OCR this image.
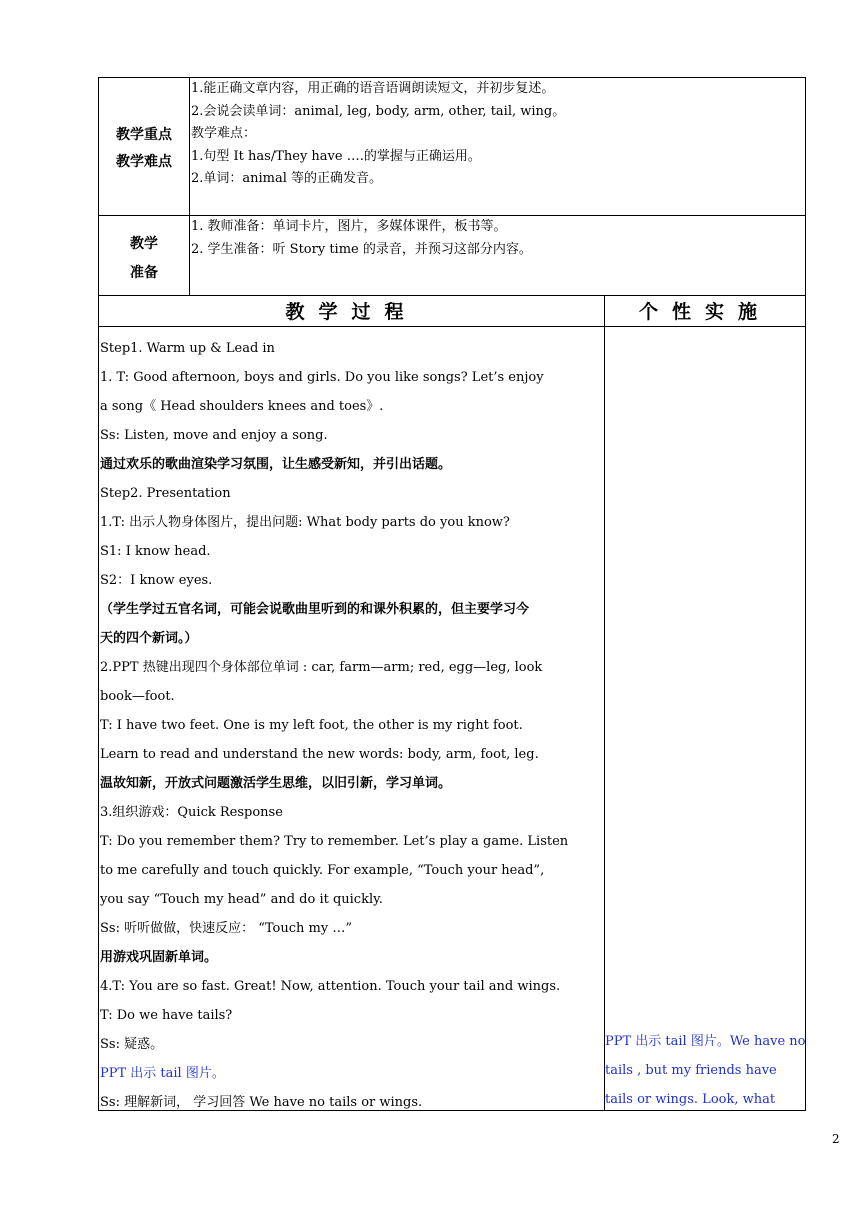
教学重点
教学难点
1.能正确文章内容，用正确的语音语调朗读短文，并初步复述。
2.会说会读单词：animal, leg, body, arm, other, tail, wing。
教学难点：
1.句型 It has/They have ….的掌握与正确运用。
2.单词：animal 等的正确发音。
教学
准备
1. 教师准备：单词卡片，图片，多媒体课件，板书等。
2. 学生准备：听 Story time 的录音，并预习这部分内容。
教学过程	个性实施
Step1. Warm up & Lead in
1. T: Good afternoon, boys and girls. Do you like songs? Let’s enjoy
a song《 Head shoulders knees and toes》.
Ss: Listen, move and enjoy a song.
通过欢乐的歌曲渲染学习氛围，让生感受新知，并引出话题。
Step2. Presentation
1.T: 出示人物身体图片，提出问题: What body parts do you know?
S1: I know head.
S2：I know eyes.
（学生学过五官名词，可能会说歌曲里听到的和课外积累的，但主要学习今
天的四个新词。）
2.PPT 热键出现四个身体部位单词 : car, farm—arm; red, egg—leg, look
book—foot.
T: I have two feet. One is my left foot, the other is my right foot.
Learn to read and understand the new words: body, arm, foot, leg.
温故知新，开放式问题激活学生思维，以旧引新，学习单词。
3.组织游戏：Quick Response
T: Do you remember them? Try to remember. Let’s play a game. Listen
to me carefully and touch quickly. For example, “Touch your head”,
you say “Touch my head” and do it quickly.
Ss: 听听做做，快速反应： “Touch my …”
用游戏巩固新单词。
4.T: You are so fast. Great! Now, attention. Touch your tail and wings.
T: Do we have tails?
Ss: 疑惑。
PPT 出示 tail 图片。
Ss: 理解新词， 学习回答 We have no tails or wings.
PPT 出示 tail 图片。We have no
tails , but my friends have
tails or wings. Look, what
2
